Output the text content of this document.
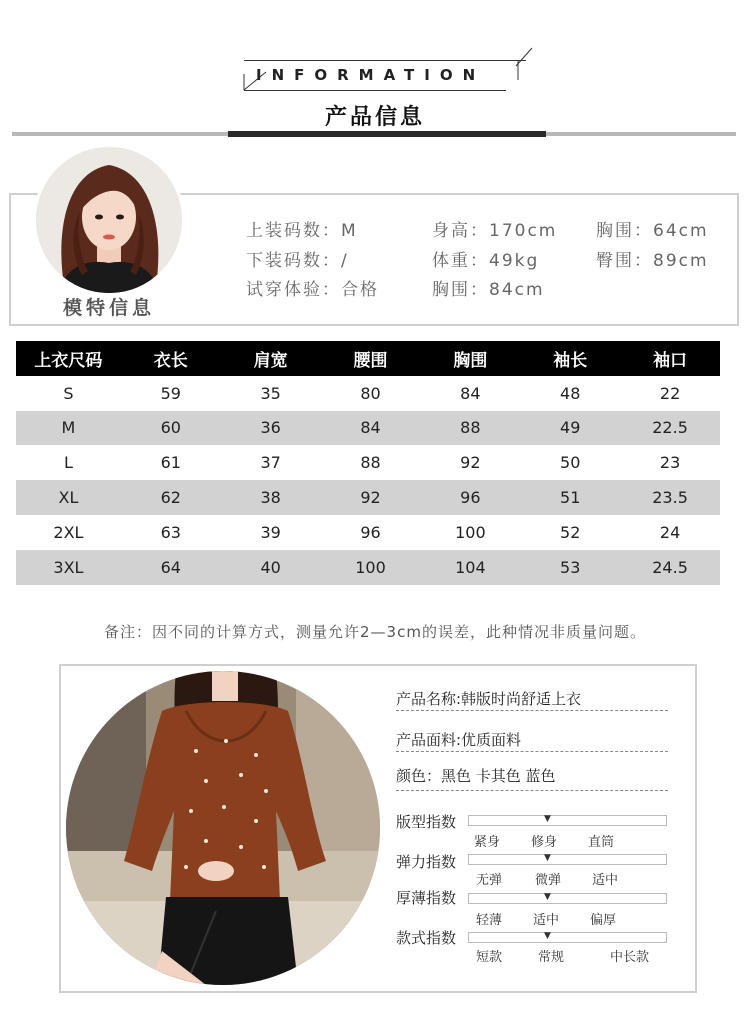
INFORMATION
产品信息
模特信息
上装码数：M	身高：170cm 胸围：64cm
下装码数：/	体重：49kg	臀围：89cm
试穿体验：合格	胸围：84cm
上衣尺码	衣长	肩宽	腰围	胸围	袖长	袖口
S	59	35	80	84	48	22
M	60	36	84	88	49	22.5
L	61	37	88	92	50	23
XL	62	38	92	96	51	23.5
2XL	63	39	96	100	52	24
3XL	64	40	100	104	53	24.5
备注：因不同的计算方式，测量允许2—3cm的误差，此种情况非质量问题。
产品名称:韩版时尚舒适上衣
产品面料:优质面料
颜色：黑色 卡其色 蓝色
版型指数	▼
紧身 修身 直筒
弹力指数	▼
无弹	微弹 适中
厚薄指数	▼
轻薄 适中 偏厚
款式指数	▼
短款	常规	中长款
